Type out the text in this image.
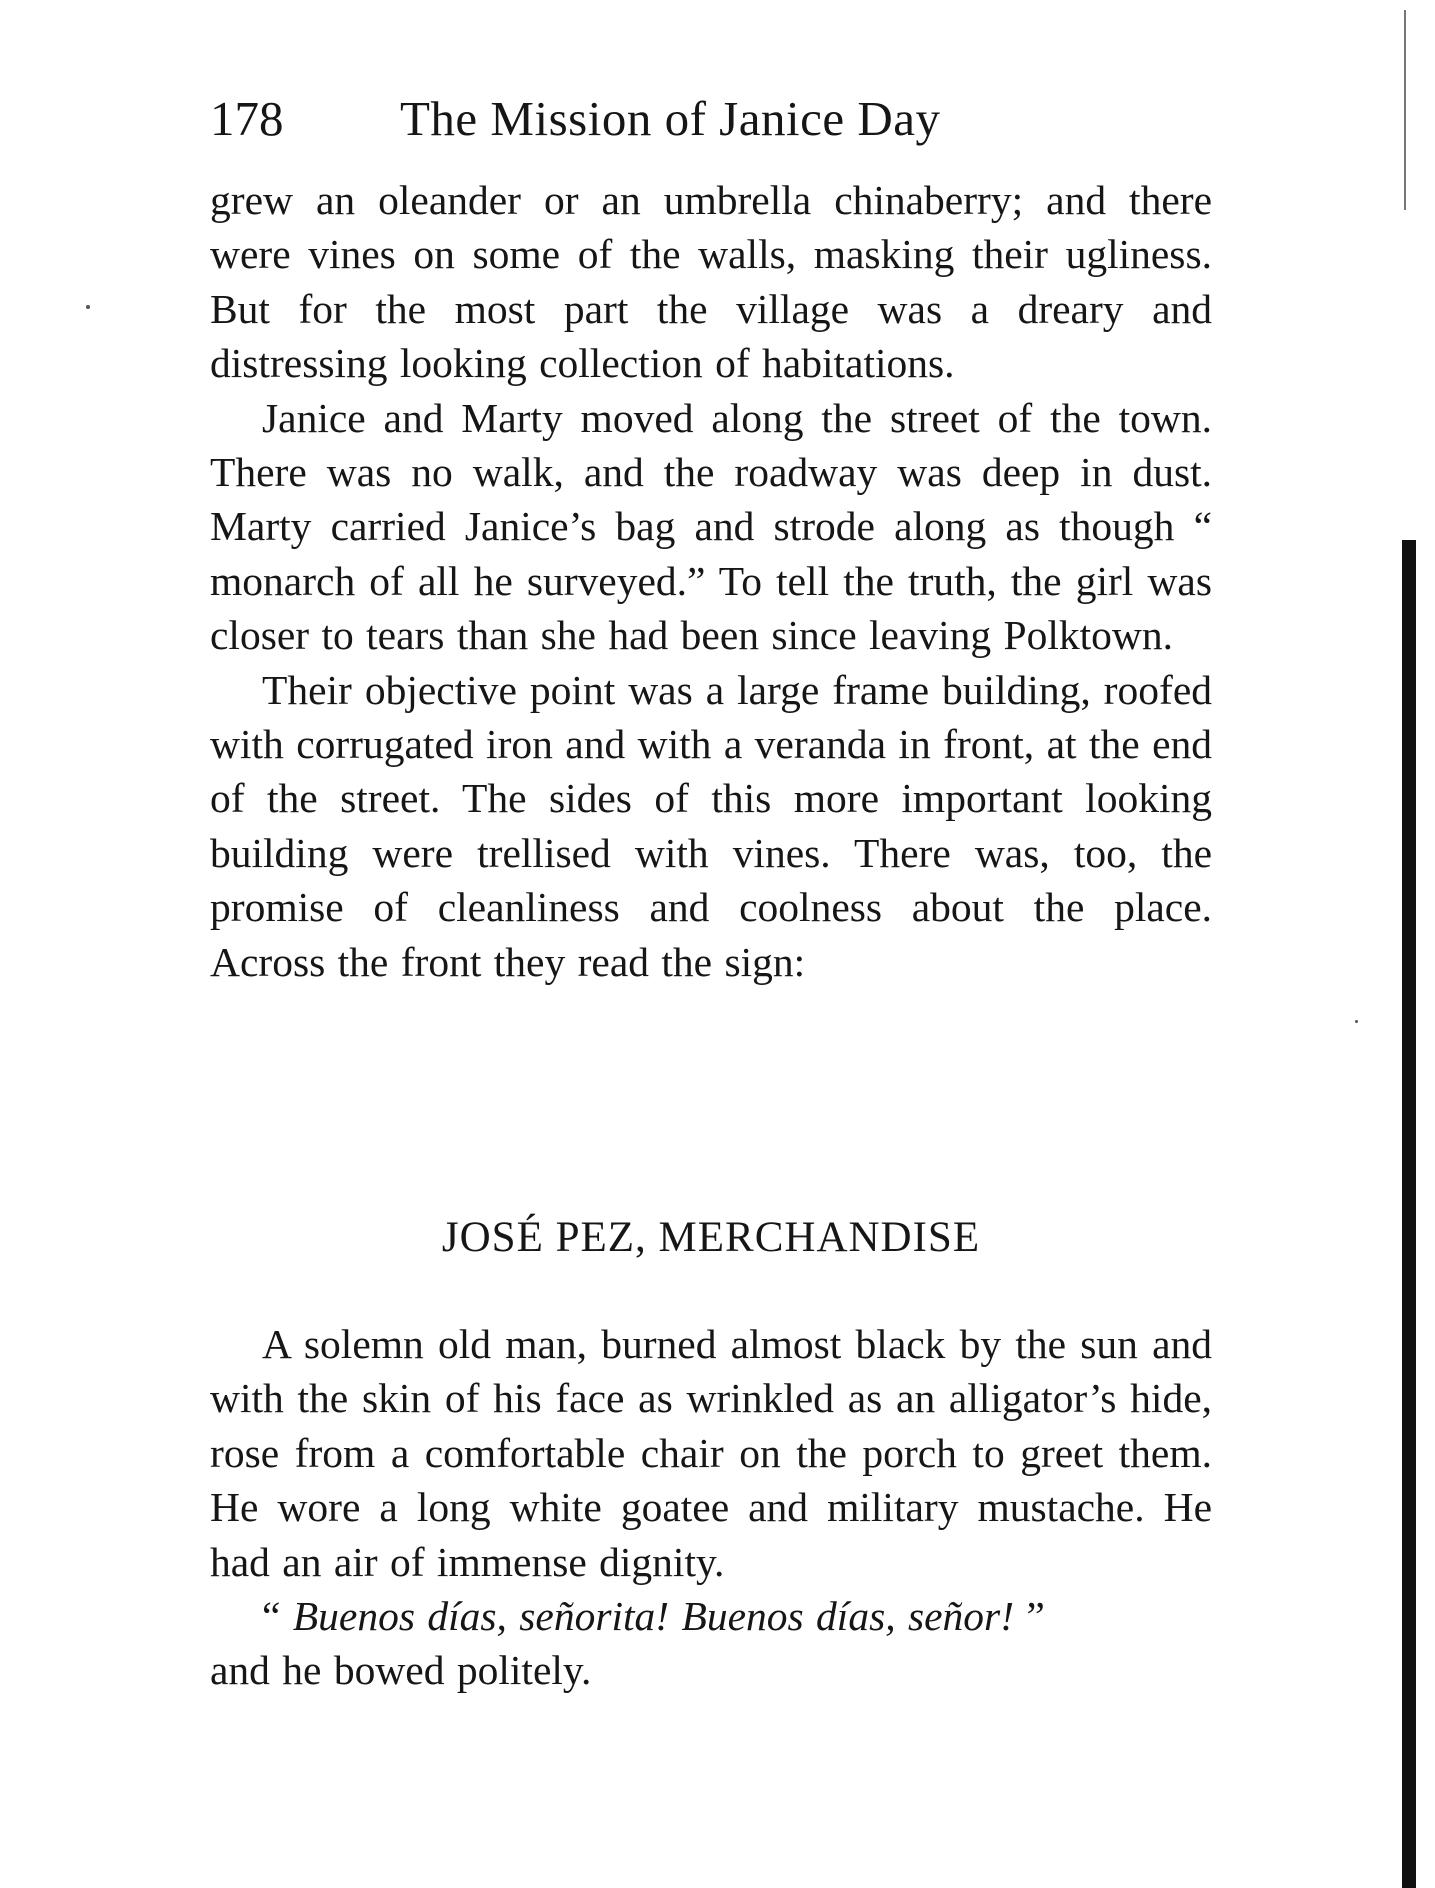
178 The Mission of Janice Day

grew an oleander or an umbrella chinaberry; and there were vines on some of the walls, masking their ugliness. But for the most part the village was a dreary and distressing looking collection of habitations.

Janice and Marty moved along the street of the town. There was no walk, and the roadway was deep in dust. Marty carried Janice’s bag and strode along as though “ monarch of all he surveyed.” To tell the truth, the girl was closer to tears than she had been since leaving Polktown.

Their objective point was a large frame building, roofed with corrugated iron and with a veranda in front, at the end of the street. The sides of this more important looking building were trellised with vines. There was, too, the promise of cleanliness and coolness about the place. Across the front they read the sign:

JOSÉ PEZ, MERCHANDISE

A solemn old man, burned almost black by the sun and with the skin of his face as wrinkled as an alligator’s hide, rose from a comfortable chair on the porch to greet them. He wore a long white goatee and military mustache. He had an air of immense dignity.

“ Buenos días, señorita! Buenos días, señor! ”

and he bowed politely.
